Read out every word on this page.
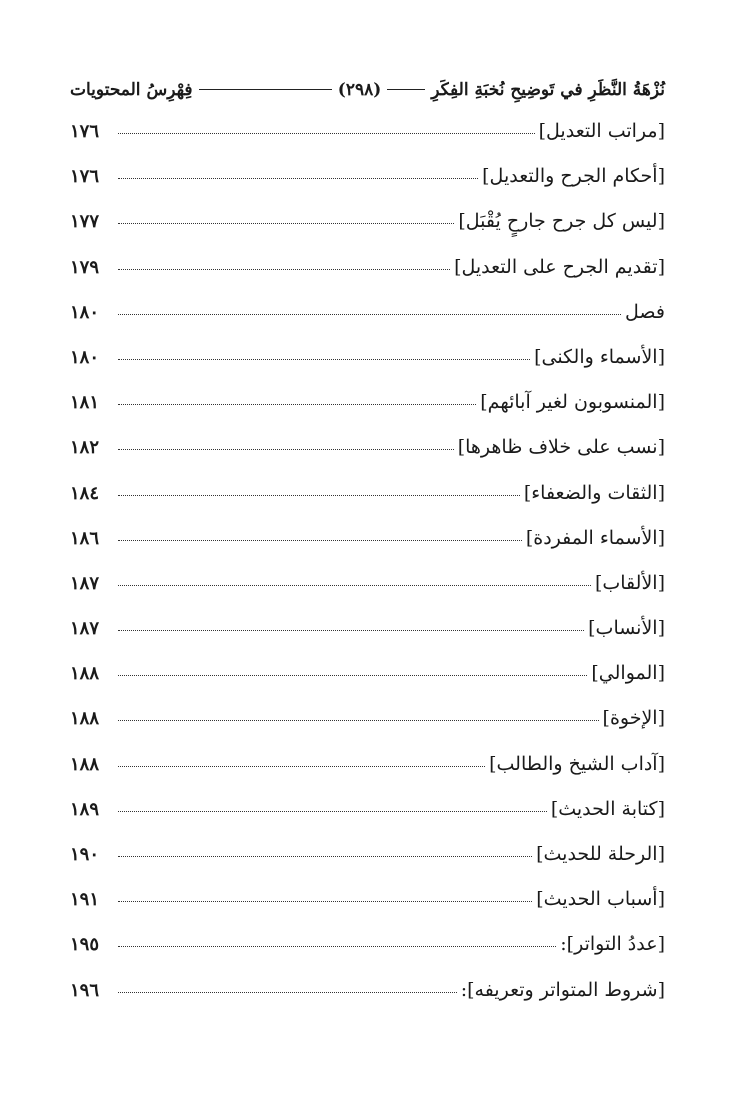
نُزْهَةُ النَّظَرِ في تَوضِيحِ نُخبَةِ الفِكَرِ
(٢٩٨)
فِهْرِسُ المحتويات
[مراتب التعديل]
١٧٦
[أحكام الجرح والتعديل]
١٧٦
[ليس كل جرح جارحٍ يُقْبَل]
١٧٧
[تقديم الجرح على التعديل]
١٧٩
فصل
١٨٠
[الأسماء والكنى]
١٨٠
[المنسوبون لغير آبائهم]
١٨١
[نسب على خلاف ظاهرها]
١٨٢
[الثقات والضعفاء]
١٨٤
[الأسماء المفردة]
١٨٦
[الألقاب]
١٨٧
[الأنساب]
١٨٧
[الموالي]
١٨٨
[الإخوة]
١٨٨
[آداب الشيخ والطالب]
١٨٨
[كتابة الحديث]
١٨٩
[الرحلة للحديث]
١٩٠
[أسباب الحديث]
١٩١
[عددُ التواتر]:
١٩٥
[شروط المتواتر وتعريفه]:
١٩٦
